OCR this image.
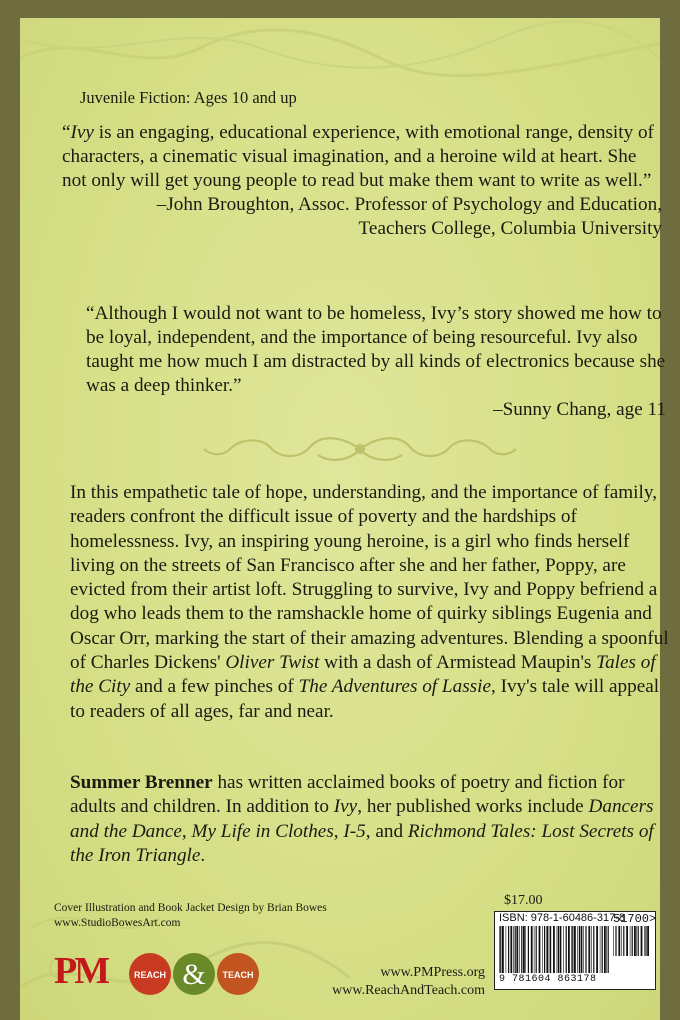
Juvenile Fiction: Ages 10 and up

“Ivy is an engaging, educational experience, with emotional range, density of characters, a cinematic visual imagination, and a heroine wild at heart. She not only will get young people to read but make them want to write as well.”

–John Broughton, Assoc. Professor of Psychology and Education,

Teachers College, Columbia University

“Although I would not want to be homeless, Ivy’s story showed me how to be loyal, independent, and the importance of being resourceful. Ivy also taught me how much I am distracted by all kinds of electronics because she was a deep thinker.”

–Sunny Chang, age 11

In this empathetic tale of hope, understanding, and the importance of family, readers confront the difficult issue of poverty and the hardships of homelessness. Ivy, an inspiring young heroine, is a girl who finds herself living on the streets of San Francisco after she and her father, Poppy, are evicted from their artist loft. Struggling to survive, Ivy and Poppy befriend a dog who leads them to the ramshackle home of quirky siblings Eugenia and Oscar Orr, marking the start of their amazing adventures. Blending a spoonful of Charles Dickens' Oliver Twist with a dash of Armistead Maupin's Tales of the City and a few pinches of The Adventures of Lassie, Ivy's tale will appeal to readers of all ages, far and near.
Summer Brenner has written acclaimed books of poetry and fiction for adults and children. In addition to Ivy, her published works include Dancers and the Dance, My Life in Clothes, I-5, and Richmond Tales: Lost Secrets of the Iron Triangle.
Cover Illustration and Book Jacket Design by Brian Bowes
www.StudioBowesArt.com
$17.00
ISBN: 978-1-60486-317-8
51700>
9 781604 863178
PM	REACH & TEACH	www.PMPress.org
www.ReachAndTeach.com
